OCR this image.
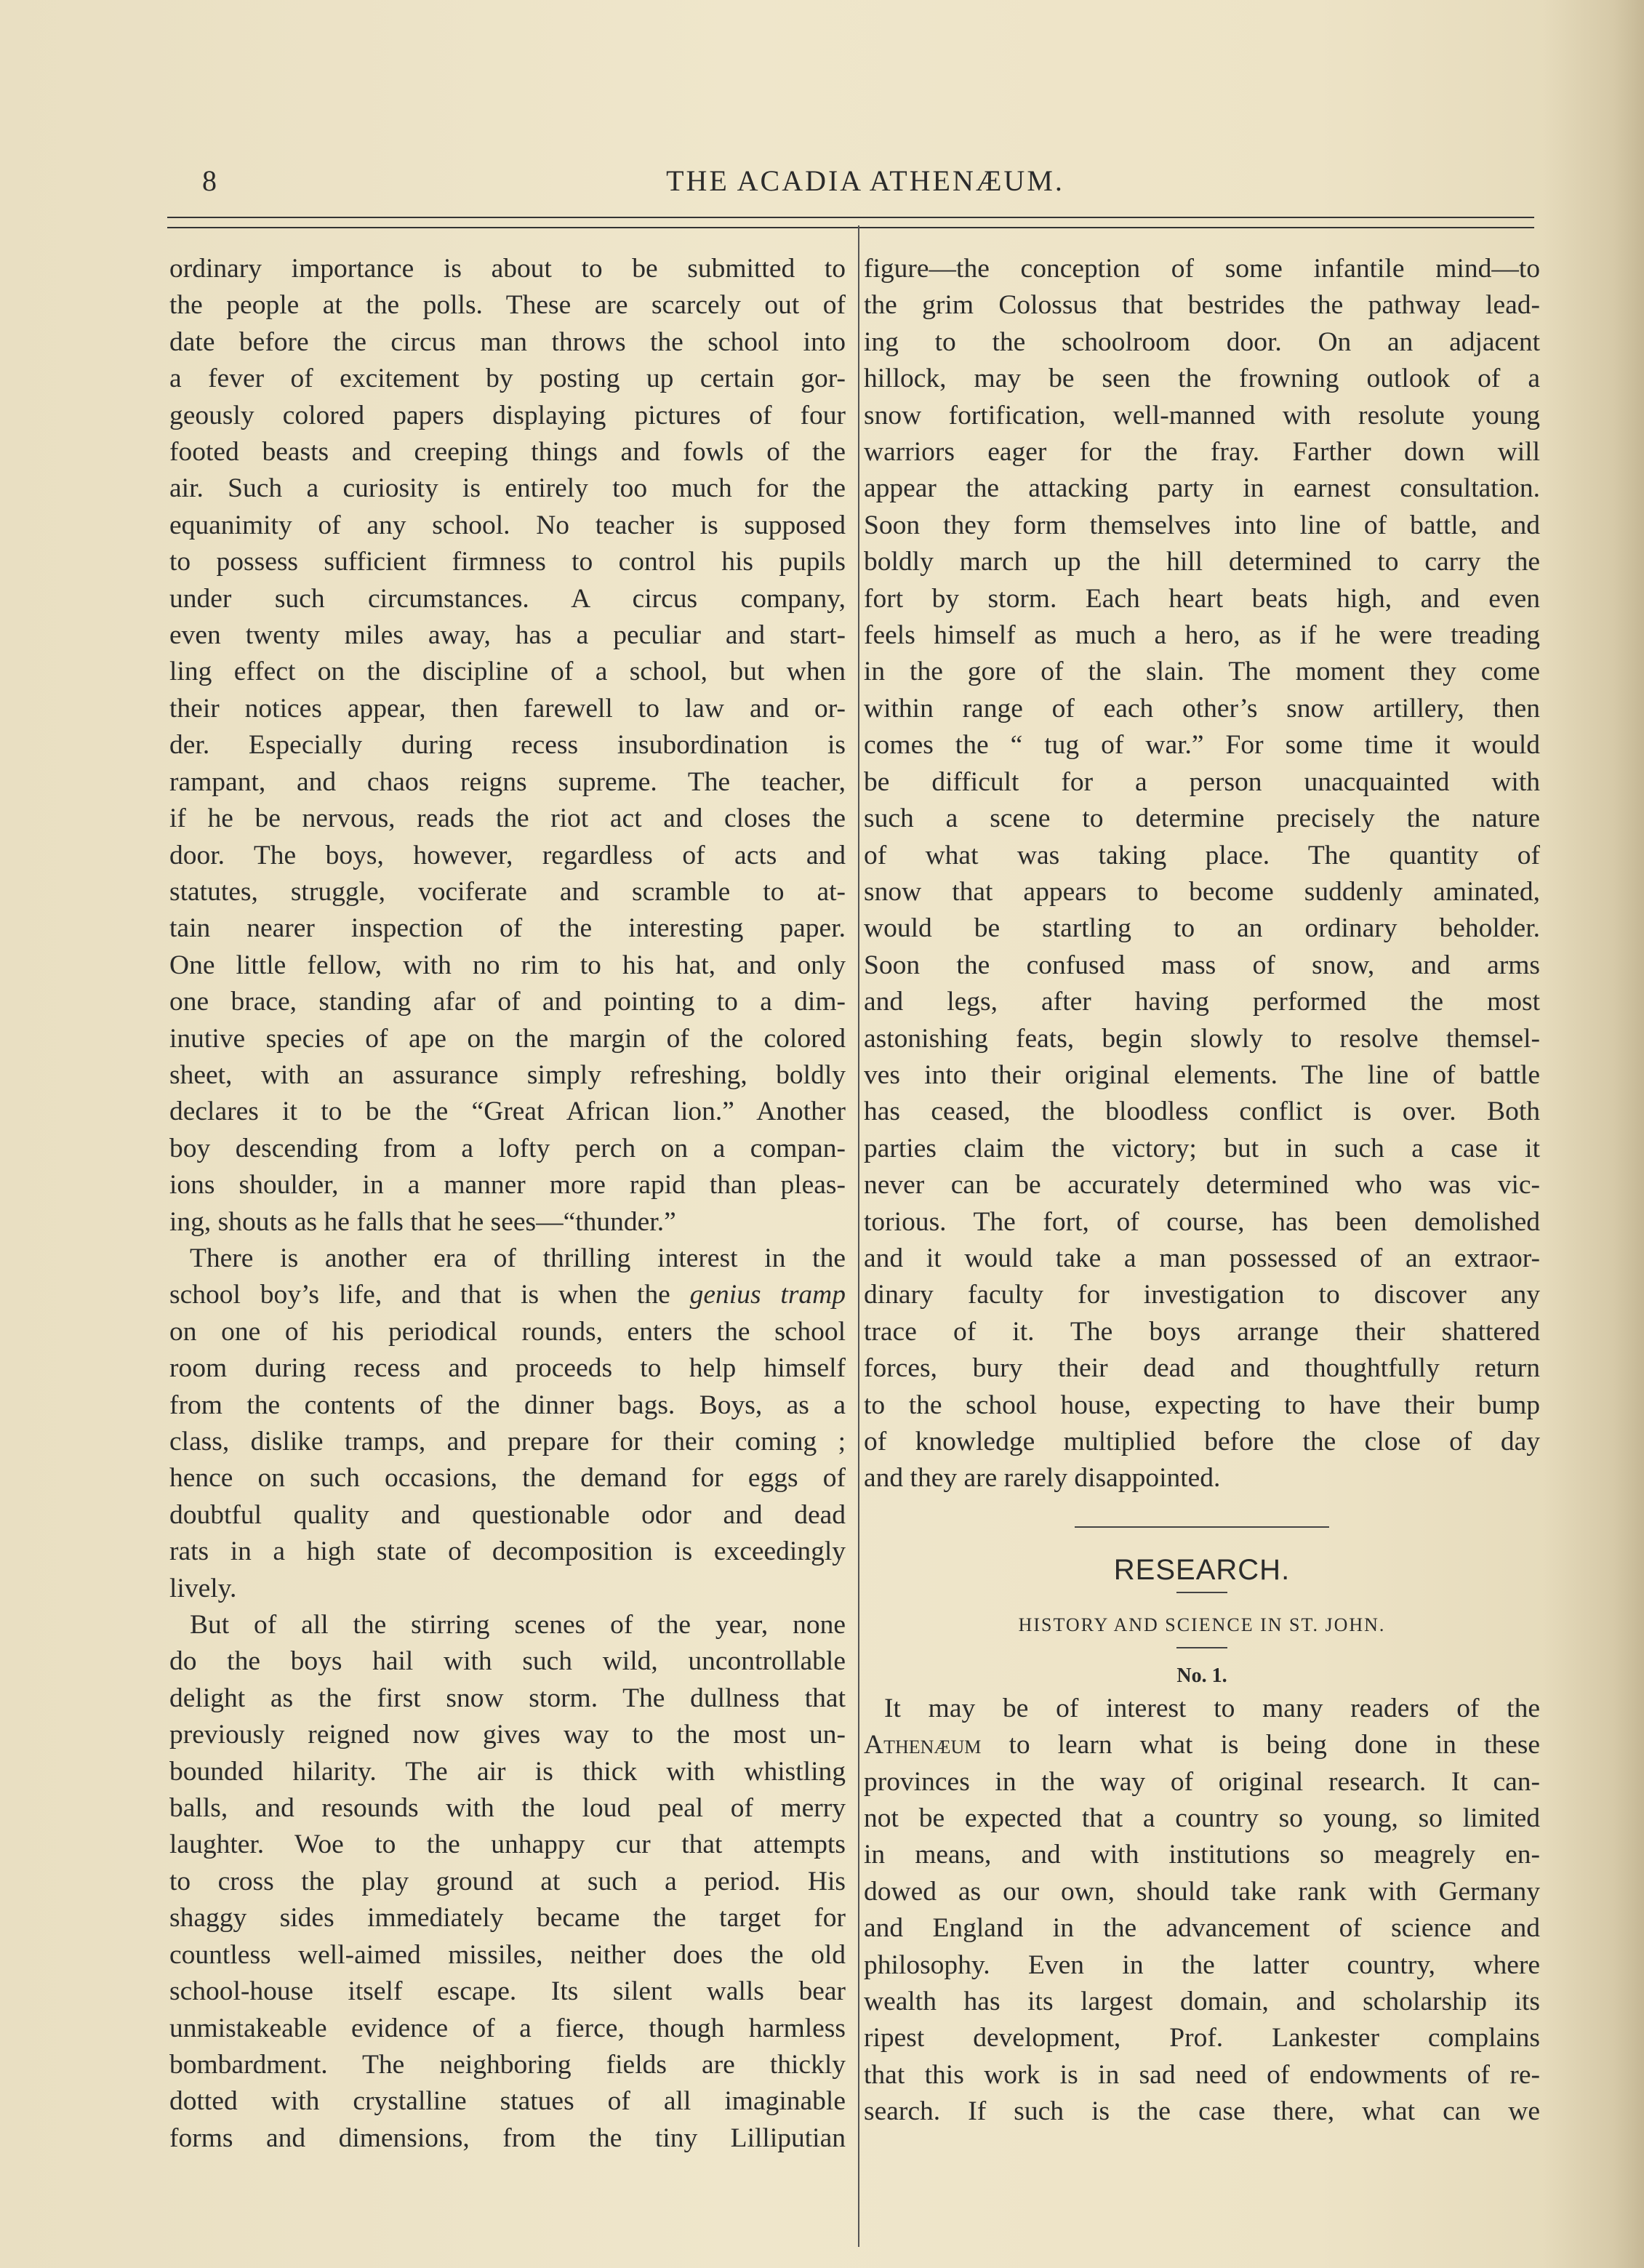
8	THE ACADIA ATHENÆUM.

ordinary importance is about to be submitted to

the people at the polls. These are scarcely out of

date before the circus man throws the school into

a fever of excitement by posting up certain gor-

geously colored papers displaying pictures of four

footed beasts and creeping things and fowls of the

air. Such a curiosity is entirely too much for the

equanimity of any school. No teacher is supposed

to possess sufficient firmness to control his pupils

under such circumstances. A circus company,

even twenty miles away, has a peculiar and start-

ling effect on the discipline of a school, but when

their notices appear, then farewell to law and or-

der. Especially during recess insubordination is

rampant, and chaos reigns supreme. The teacher,

if he be nervous, reads the riot act and closes the

door. The boys, however, regardless of acts and

statutes, struggle, vociferate and scramble to at-

tain nearer inspection of the interesting paper.

One little fellow, with no rim to his hat, and only

one brace, standing afar of and pointing to a dim-

inutive species of ape on the margin of the colored

sheet, with an assurance simply refreshing, boldly

declares it to be the “Great African lion.” Another

boy descending from a lofty perch on a compan-

ions shoulder, in a manner more rapid than pleas-

ing, shouts as he falls that he sees—“thunder.”

There is another era of thrilling interest in the

school boy’s life, and that is when the genius tramp

on one of his periodical rounds, enters the school

room during recess and proceeds to help himself

from the contents of the dinner bags. Boys, as a

class, dislike tramps, and prepare for their coming ;

hence on such occasions, the demand for eggs of

doubtful quality and questionable odor and dead

rats in a high state of decomposition is exceedingly

lively.

But of all the stirring scenes of the year, none

do the boys hail with such wild, uncontrollable

delight as the first snow storm. The dullness that

previously reigned now gives way to the most un-

bounded hilarity. The air is thick with whistling

balls, and resounds with the loud peal of merry

laughter. Woe to the unhappy cur that attempts

to cross the play ground at such a period. His

shaggy sides immediately became the target for

countless well-aimed missiles, neither does the old

school-house itself escape. Its silent walls bear

unmistakeable evidence of a fierce, though harmless

bombardment. The neighboring fields are thickly

dotted with crystalline statues of all imaginable

forms and dimensions, from the tiny Lilliputian

figure—the conception of some infantile mind—to

the grim Colossus that bestrides the pathway lead-

ing to the schoolroom door. On an adjacent

hillock, may be seen the frowning outlook of a

snow fortification, well-manned with resolute young

warriors eager for the fray. Farther down will

appear the attacking party in earnest consultation.

Soon they form themselves into line of battle, and

boldly march up the hill determined to carry the

fort by storm. Each heart beats high, and even

feels himself as much a hero, as if he were treading

in the gore of the slain. The moment they come

within range of each other’s snow artillery, then

comes the “ tug of war.” For some time it would

be difficult for a person unacquainted with

such a scene to determine precisely the nature

of what was taking place. The quantity of

snow that appears to become suddenly aminated,

would be startling to an ordinary beholder.

Soon the confused mass of snow, and arms

and legs, after having performed the most

astonishing feats, begin slowly to resolve themsel-

ves into their original elements. The line of battle

has ceased, the bloodless conflict is over. Both

parties claim the victory; but in such a case it

never can be accurately determined who was vic-

torious. The fort, of course, has been demolished

and it would take a man possessed of an extraor-

dinary faculty for investigation to discover any

trace of it. The boys arrange their shattered

forces, bury their dead and thoughtfully return

to the school house, expecting to have their bump

of knowledge multiplied before the close of day

and they are rarely disappointed.

RESEARCH.
HISTORY AND SCIENCE IN ST. JOHN.
No. 1.

It may be of interest to many readers of the

Athenæum to learn what is being done in these

provinces in the way of original research. It can-

not be expected that a country so young, so limited

in means, and with institutions so meagrely en-

dowed as our own, should take rank with Germany

and England in the advancement of science and

philosophy. Even in the latter country, where

wealth has its largest domain, and scholarship its

ripest development, Prof. Lankester complains

that this work is in sad need of endowments of re-

search. If such is the case there, what can we
